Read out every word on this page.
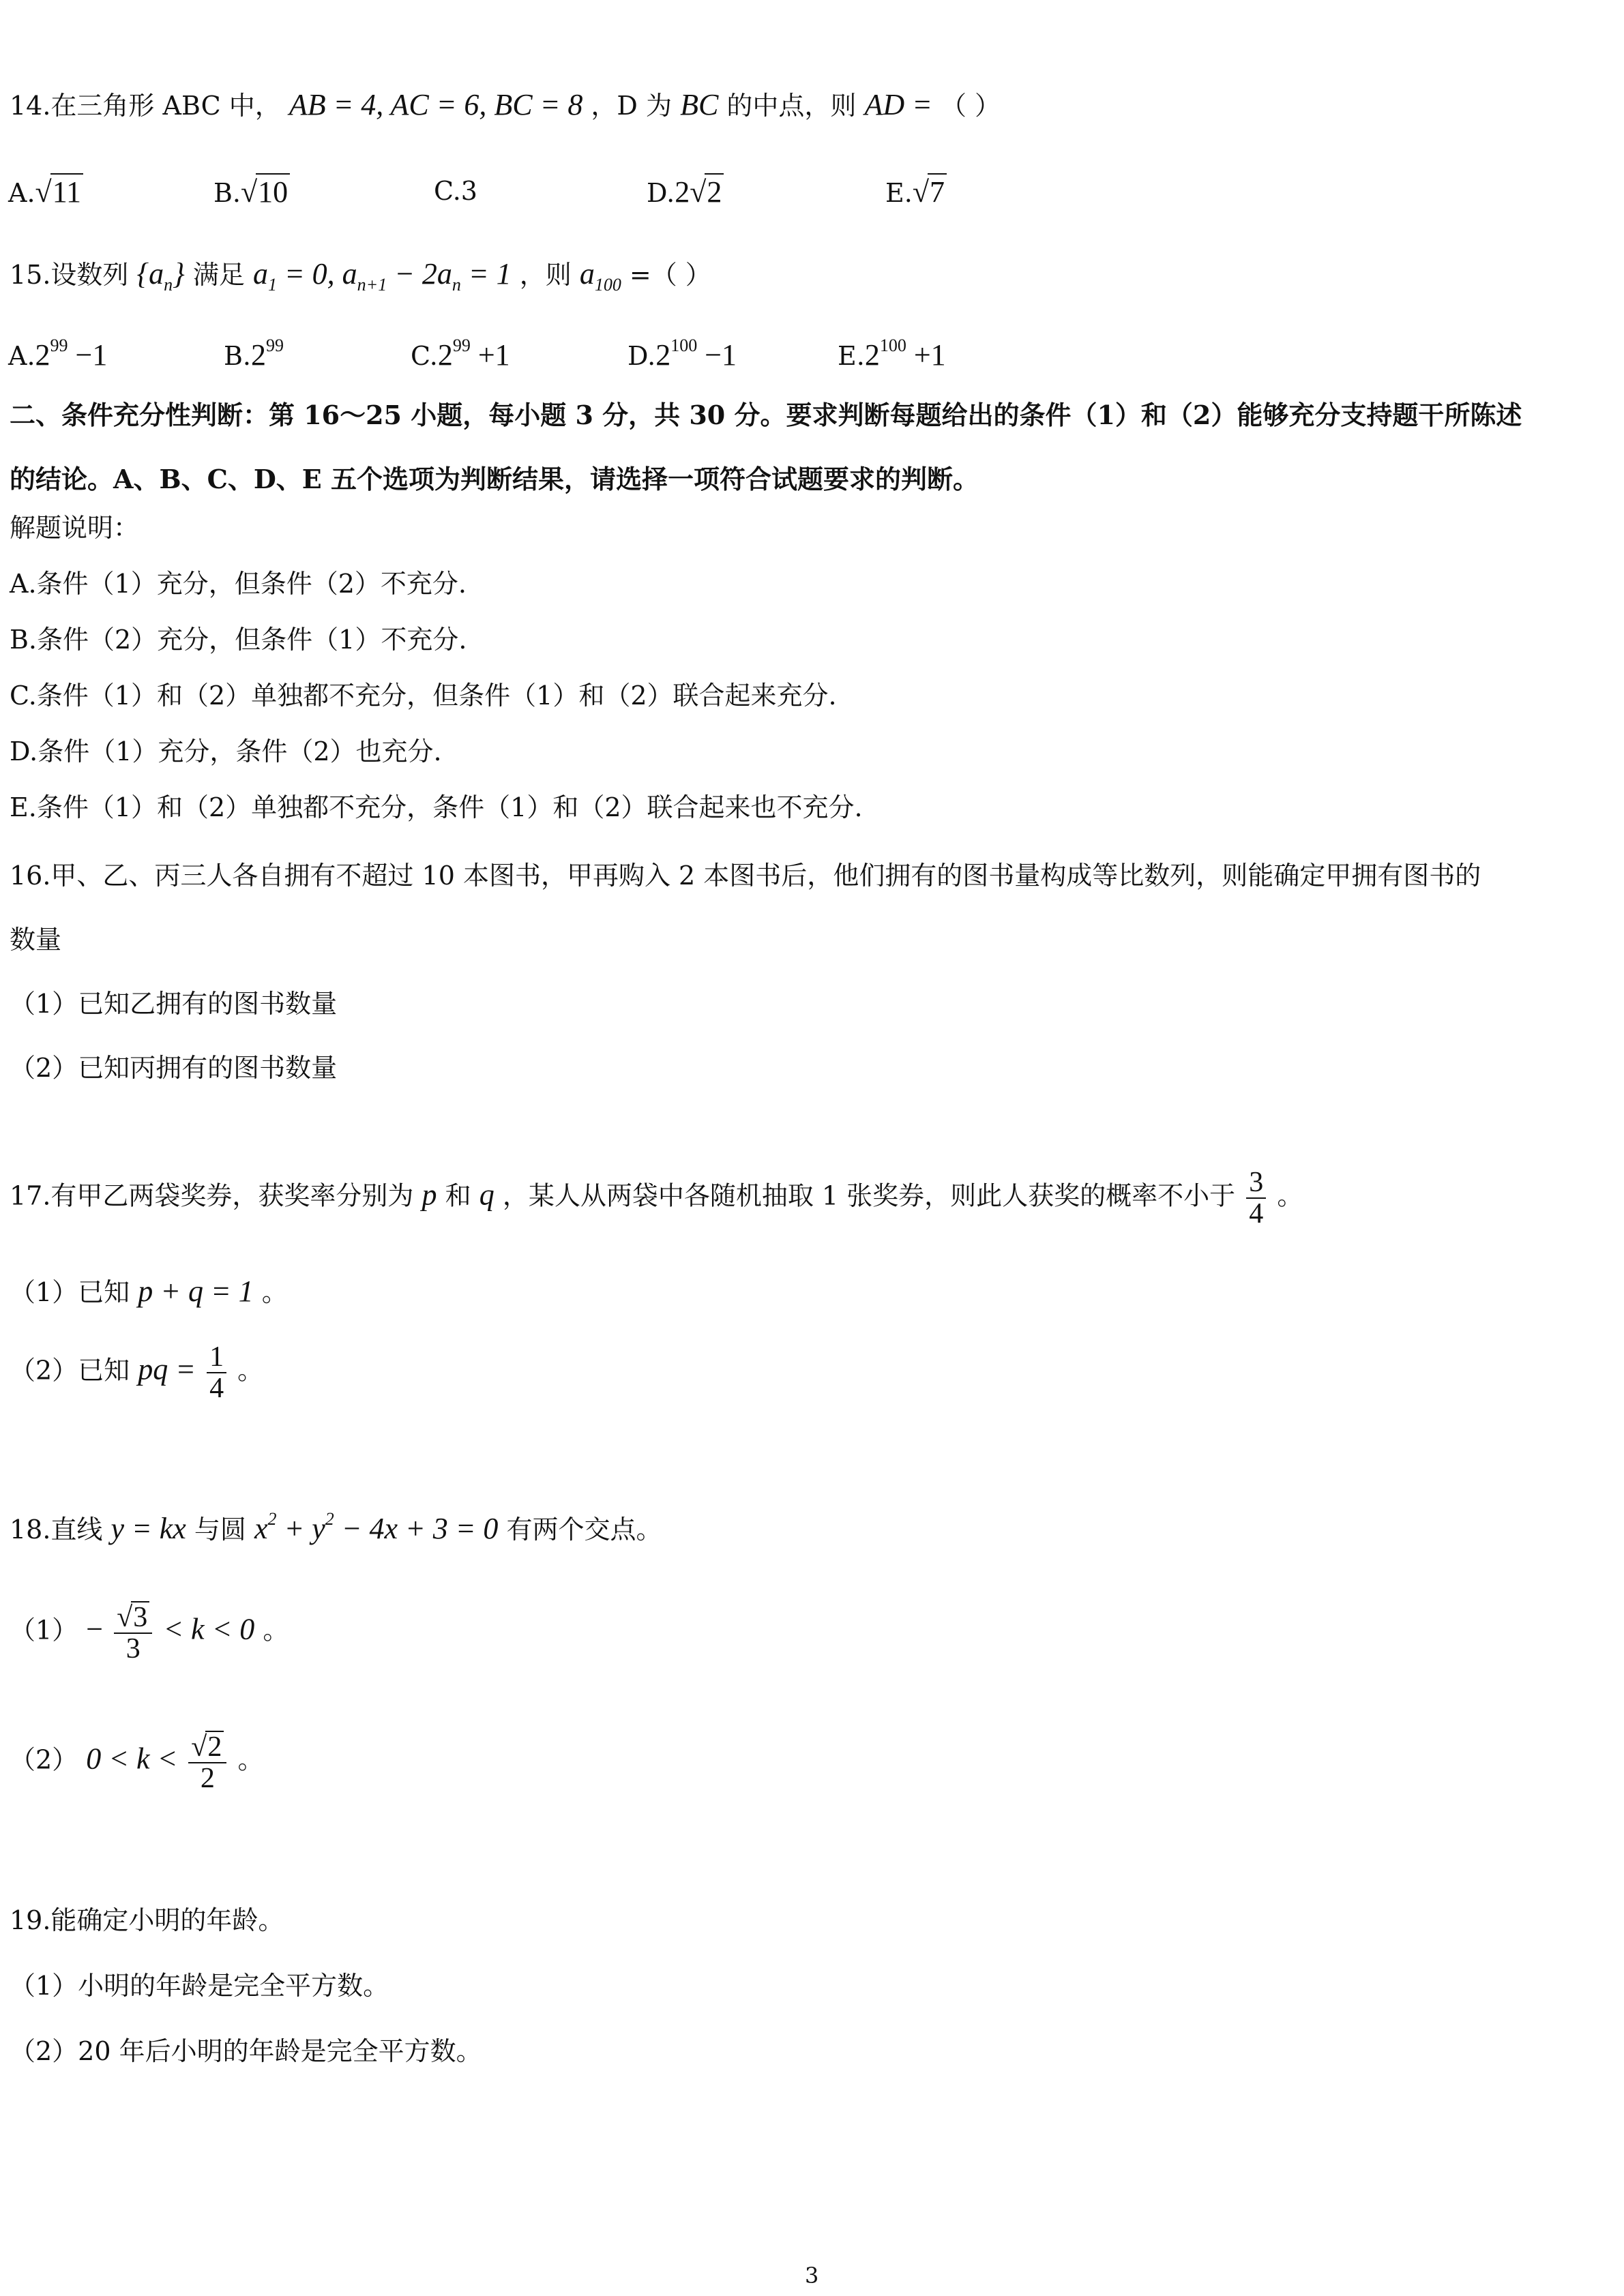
14.在三角形 ABC 中， AB = 4, AC = 6, BC = 8 ，D 为 BC 的中点，则 AD = （ ）
A.√11	B.√10	C.3	D.2√2	E.√7
15.设数列 $\{a_n\}$ 满足 $a_1 = 0$, $a_{n+1} - 2a_n = 1$ ，则 $a_{100}$ =（ ）
$A.2^{99} -1$	$B.2^{99}$	$C.2^{99} +1$	$D.2^{100} -1$	$E.2^{100} +1$
二、条件充分性判断：第 16～25 小题，每小题 3 分，共 30 分。要求判断每题给出的条件（1）和（2）能够充分支持题干所陈述
的结论。A、B、C、D、E 五个选项为判断结果，请选择一项符合试题要求的判断。
解题说明：
A.条件（1）充分，但条件（2）不充分.
B.条件（2）充分，但条件（1）不充分.
C.条件（1）和（2）单独都不充分，但条件（1）和（2）联合起来充分.
D.条件（1）充分，条件（2）也充分.
E.条件（1）和（2）单独都不充分，条件（1）和（2）联合起来也不充分.
16.甲、乙、丙三人各自拥有不超过 10 本图书，甲再购入 2 本图书后，他们拥有的图书量构成等比数列，则能确定甲拥有图书的
数量
（1）已知乙拥有的图书数量
（2）已知丙拥有的图书数量
17.有甲乙两袋奖券，获奖率分别为 p 和 q ，某人从两袋中各随机抽取 1 张奖券，则此人获奖的概率不小于 $\frac{3}{4}$ 。
（1）已知 p + q = 1 。
（2）已知 pq = $\frac{1}{4}$ 。
18.直线 y = kx 与圆 $x^2 + y^2 - 4x + 3 = 0$ 有两个交点。
$(1) - \frac{√3}{3} < k < 0$ 。
（2） $0 < k < \frac{√2}{2}$ 。
19.能确定小明的年龄。
（1）小明的年龄是完全平方数。
（2）20 年后小明的年龄是完全平方数。
3
